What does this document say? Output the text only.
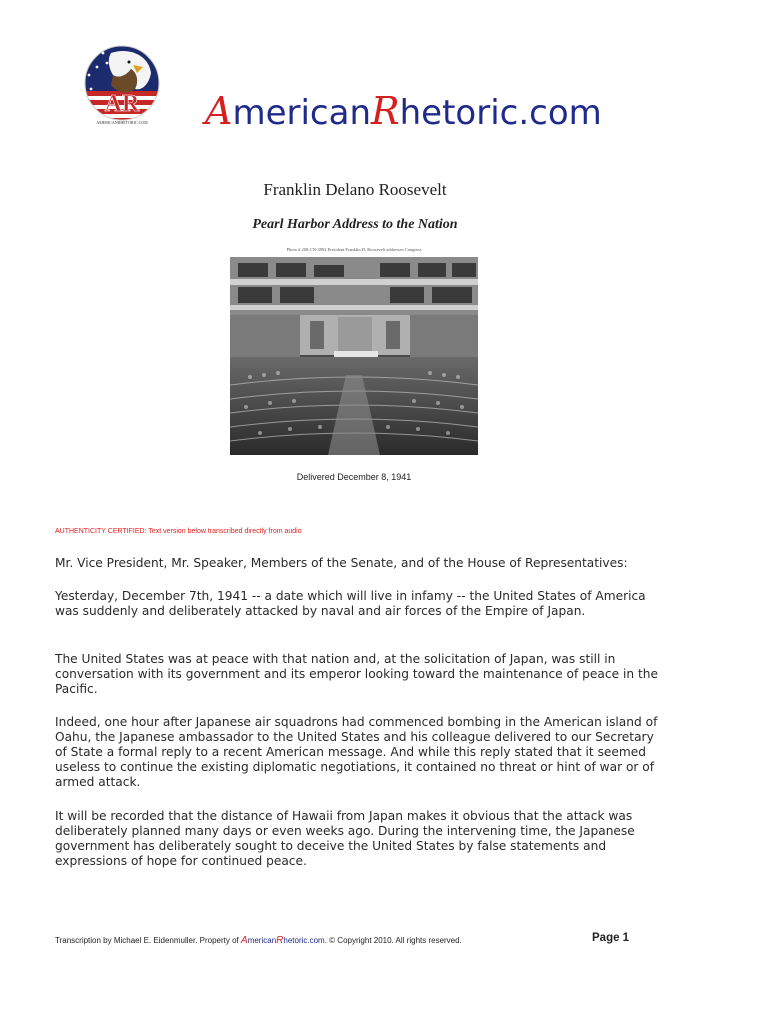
AR
AMERICANRHETORIC.COM AmericanRhetoric.com
Franklin Delano Roosevelt
Pearl Harbor Address to the Nation
Photo # 208-CN-3992 President Franklin D. Roosevelt addresses Congress
Delivered December 8, 1941
AUTHENTICITY CERTIFIED: Text version below transcribed directly from audio

Mr. Vice President, Mr. Speaker, Members of the Senate, and of the House of Representatives:

Yesterday, December 7th, 1941 -- a date which will live in infamy -- the United States of America was suddenly and deliberately attacked by naval and air forces of the Empire of Japan.

The United States was at peace with that nation and, at the solicitation of Japan, was still in conversation with its government and its emperor looking toward the maintenance of peace in the Pacific.

Indeed, one hour after Japanese air squadrons had commenced bombing in the American island of Oahu, the Japanese ambassador to the United States and his colleague delivered to our Secretary of State a formal reply to a recent American message. And while this reply stated that it seemed useless to continue the existing diplomatic negotiations, it contained no threat or hint of war or of armed attack.

It will be recorded that the distance of Hawaii from Japan makes it obvious that the attack was deliberately planned many days or even weeks ago. During the intervening time, the Japanese government has deliberately sought to deceive the United States by false statements and expressions of hope for continued peace.

Transcription by Michael E. Eidenmuller. Property of AmericanRhetoric.com. © Copyright 2010. All rights reserved.	Page 1
